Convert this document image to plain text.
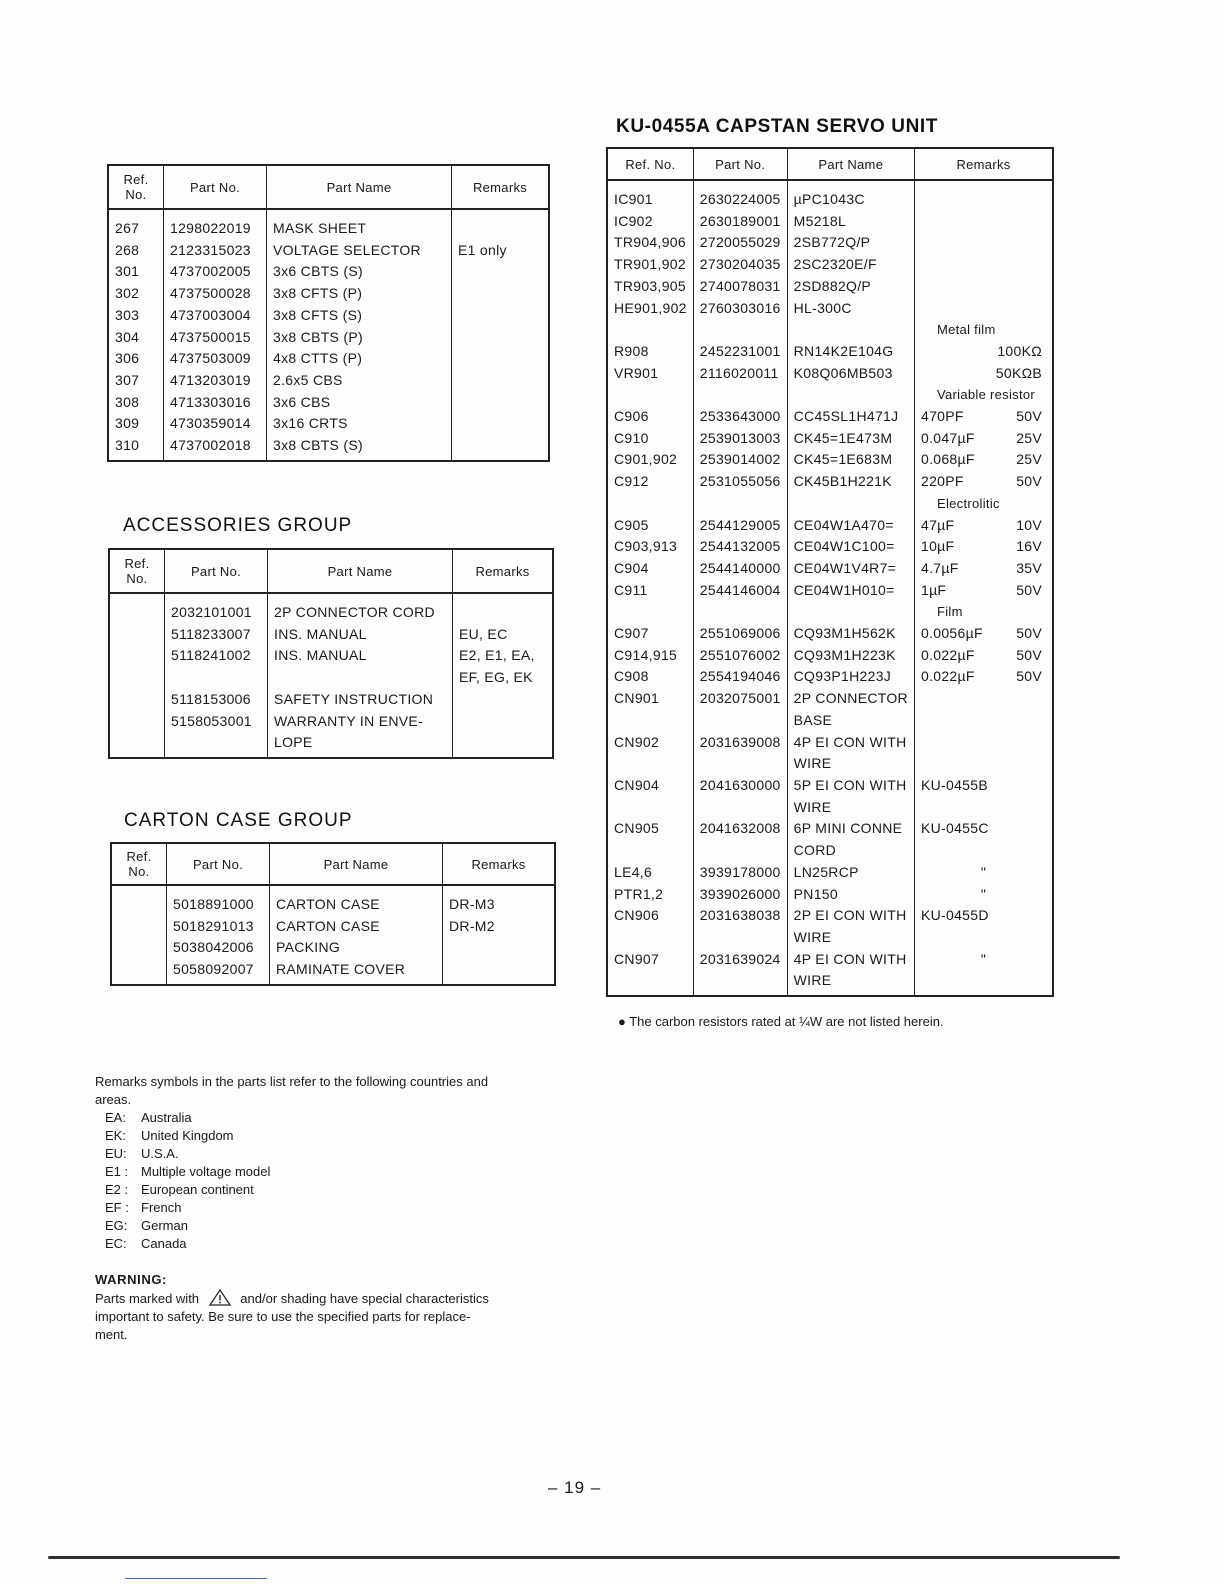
Ref.
No.	Part No.	Part Name	Remarks
267	1298022019	MASK SHEET	
268	2123315023	VOLTAGE SELECTOR	E1 only
301	4737002005	3x6 CBTS (S)	
302	4737500028	3x8 CFTS (P)	
303	4737003004	3x8 CFTS (S)	
304	4737500015	3x8 CBTS (P)	
306	4737503009	4x8 CTTS (P)	
307	4713203019	2.6x5 CBS	
308	4713303016	3x6 CBS	
309	4730359014	3x16 CRTS	
310	4737002018	3x8 CBTS (S)	
ACCESSORIES GROUP
Ref.
No.	Part No.	Part Name	Remarks
	2032101001	2P CONNECTOR CORD	
	5118233007	INS. MANUAL	EU, EC
	5118241002	INS. MANUAL	E2, E1, EA,
			EF, EG, EK
	5118153006	SAFETY INSTRUCTION	
	5158053001	WARRANTY IN ENVE-	
		LOPE	
CARTON CASE GROUP
Ref.
No.	Part No.	Part Name	Remarks
	5018891000	CARTON CASE	DR-M3
	5018291013	CARTON CASE	DR-M2
	5038042006	PACKING	
	5058092007	RAMINATE COVER	
KU-0455A CAPSTAN SERVO UNIT
Ref. No.	Part No.	Part Name	Remarks
IC901	2630224005	µPC1043C	
IC902	2630189001	M5218L	
TR904,906	2720055029	2SB772Q/P	
TR901,902	2730204035	2SC2320E/F	
TR903,905	2740078031	2SD882Q/P	
HE901,902	2760303016	HL-300C	

			Metal film

R908	2452231001	RN14K2E104G	100KΩ

VR901	2116020011	K08Q06MB503	50KΩB

			Variable resistor

C906	2533643000	CC45SL1H471J	470PF 50V

C910	2539013003	CK45=1E473M	0.047µF 25V

C901,902	2539014002	CK45=1E683M	0.068µF 25V

C912	2531055056	CK45B1H221K	220PF 50V

			Electrolitic

C905	2544129005	CE04W1A470=	47µF 10V

C903,913	2544132005	CE04W1C100=	10µF 16V

C904	2544140000	CE04W1V4R7=	4.7µF 35V

C911	2544146004	CE04W1H010=	1µF 50V

			Film

C907	2551069006	CQ93M1H562K	0.0056µF 50V

C914,915	2551076002	CQ93M1H223K	0.022µF 50V

C908	2554194046	CQ93P1H223J	0.022µF 50V

CN901	2032075001	2P CONNECTOR	
		BASE	
CN902	2031639008	4P EI CON WITH	
		WIRE	
CN904	2041630000	5P EI CON WITH	KU-0455B
		WIRE	
CN905	2041632008	6P MINI CONNE	KU-0455C
		CORD	
LE4,6	3939178000	LN25RCP	"

PTR1,2	3939026000	PN150	"

CN906	2031638038	2P EI CON WITH	KU-0455D
		WIRE	
CN907	2031639024	4P EI CON WITH	"

		WIRE	
● The carbon resistors rated at ¼W are not listed herein.
Remarks symbols in the parts list refer to the following countries and
areas.
EA: Australia
EK: United Kingdom
EU: U.S.A.
E1 : Multiple voltage model
E2 : European continent
EF : French
EG: German
EC: Canada
WARNING:
Parts marked with	and/or shading have special characteristics
important to safety. Be sure to use the specified parts for replace-
ment.
– 19 –
